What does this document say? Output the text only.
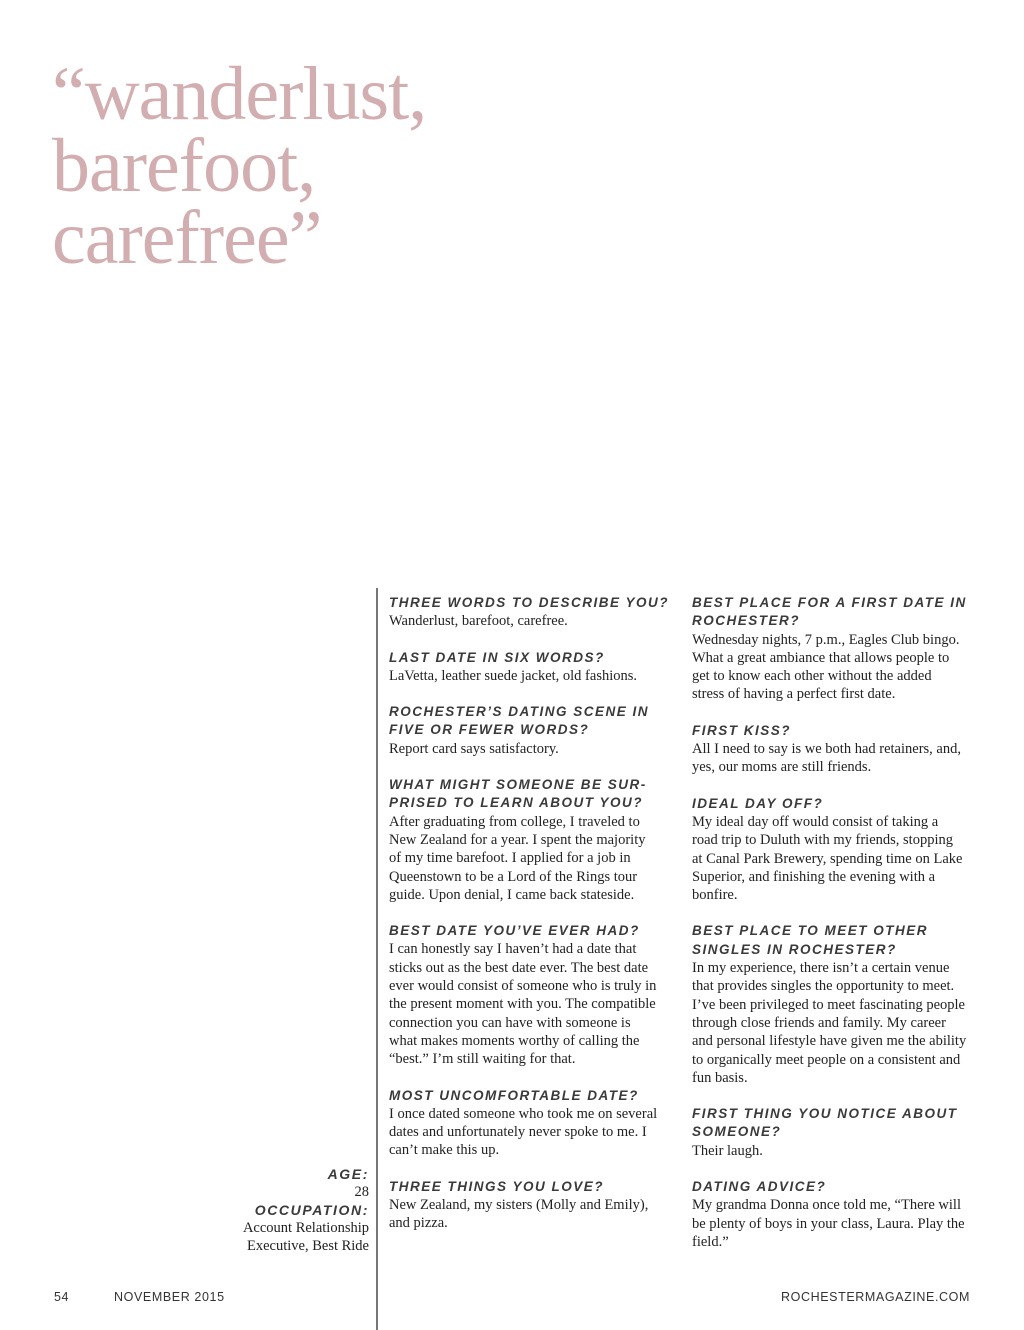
“wanderlust,
barefoot,
carefree”
AGE:
28
OCCUPATION:
Account Relationship
Executive, Best Ride
THREE WORDS TO DESCRIBE YOU?
Wanderlust, barefoot, carefree.
LAST DATE IN SIX WORDS?
LaVetta, leather suede jacket, old fashions.
ROCHESTER’S DATING SCENE IN
FIVE OR FEWER WORDS?
Report card says satisfactory.
WHAT MIGHT SOMEONE BE SUR-
PRISED TO LEARN ABOUT YOU?
After graduating from college, I traveled to
New Zealand for a year. I spent the majority
of my time barefoot. I applied for a job in
Queenstown to be a Lord of the Rings tour
guide. Upon denial, I came back stateside.
BEST DATE YOU’VE EVER HAD?
I can honestly say I haven’t had a date that
sticks out as the best date ever. The best date
ever would consist of someone who is truly in
the present moment with you. The compatible
connection you can have with someone is
what makes moments worthy of calling the
“best.” I’m still waiting for that.
MOST UNCOMFORTABLE DATE?
I once dated someone who took me on several
dates and unfortunately never spoke to me. I
can’t make this up.
THREE THINGS YOU LOVE?
New Zealand, my sisters (Molly and Emily),
and pizza.
BEST PLACE FOR A FIRST DATE IN
ROCHESTER?
Wednesday nights, 7 p.m., Eagles Club bingo.
What a great ambiance that allows people to
get to know each other without the added
stress of having a perfect first date.
FIRST KISS?
All I need to say is we both had retainers, and,
yes, our moms are still friends.
IDEAL DAY OFF?
My ideal day off would consist of taking a
road trip to Duluth with my friends, stopping
at Canal Park Brewery, spending time on Lake
Superior, and finishing the evening with a
bonfire.
BEST PLACE TO MEET OTHER
SINGLES IN ROCHESTER?
In my experience, there isn’t a certain venue
that provides singles the opportunity to meet.
I’ve been privileged to meet fascinating people
through close friends and family. My career
and personal lifestyle have given me the ability
to organically meet people on a consistent and
fun basis.
FIRST THING YOU NOTICE ABOUT
SOMEONE?
Their laugh.
DATING ADVICE?
My grandma Donna once told me, “There will
be plenty of boys in your class, Laura. Play the
field.”
54	NOVEMBER 2015	ROCHESTERMAGAZINE.COM
